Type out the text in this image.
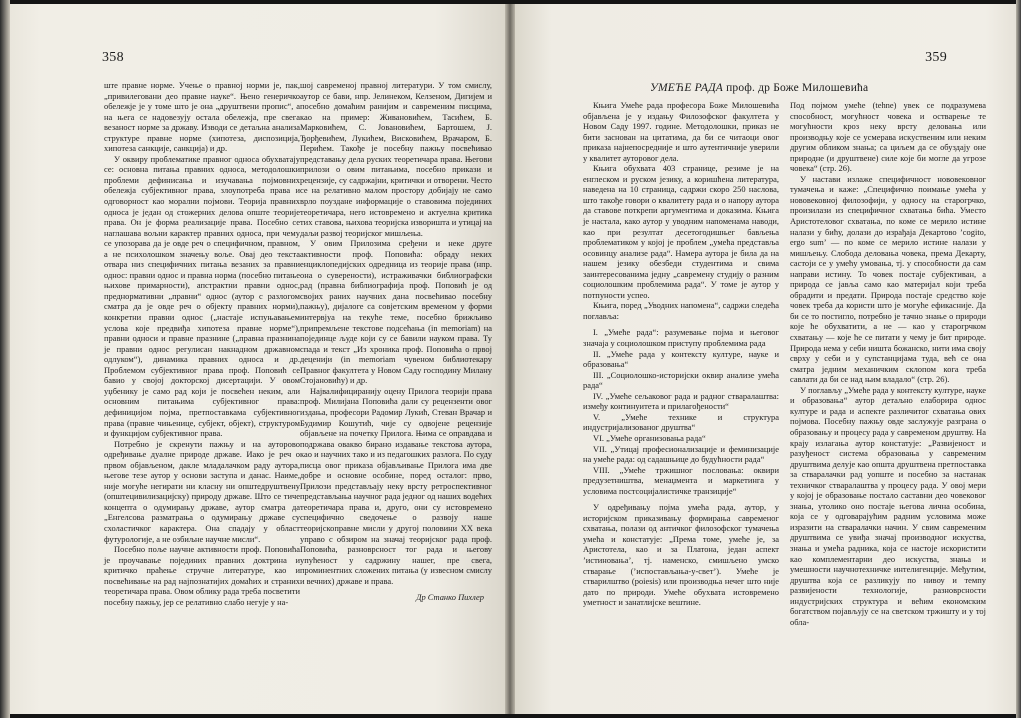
358	359

ште правне норме. Учење о правној норми је, пак, „привилеговани део правне науке“. Њено генеричко обележје је у томе што је она „друштвени пропис“, а на њега се надовезују остала обележја, пре свега везаност норме за државу. Изводи се детаљна анализа структуре правне норме (хипотеза, диспозиција, хипотеза санкције, санкција) и др.

У оквиру проблематике правног односа обухватају се: основна питања правних односа, методолошки проблеми дефинисања и изучавања појмовних обележја субјективног права, злоупотреба права и одговорност као морални појмови. Теорија правних односа је један од стожерних делова опште теорије права. Он је форма реализације права. Посебно се наглашава вољни карактер правних односа, при чему се упозорава да је овде реч о специфичном, правном, а не психолошком значењу воље. Овај део текста отвара низ специфичних питања везаних за правни однос: правни однос и правна норма (посебно питање њихове примарности), апстрактни правни однос, преднормативни „правни“ однос (аутор с разлогом сматра да је овде реч о објекту правних норми), конкретни правни однос („настаје испуњавањем услова које предвиђа хипотеза правне норме“), правни односи и правне празнине („правна празнина је правни однос регулисан накнадном државном одлуком“), динамика правних односа и др. Проблемом субјективног права проф. Поповић се бавио у својој докторској дисертацији. У овом уџбенику је само рад који је посвећен неким, али основним питањима субјективног права: дефиницијом појма, претпоставкама субјективног права (правне чињенице, субјект, објект), структуром и функцијом субјективног права.

Потребно је скренути пажњу и на ауторово одређивање дуалне природе државе. Иако је реч о првом објављеном, дакле младалачком раду аутора, његове тезе аутор у основи заступа и данас. Наиме, није могуће негирати ни класну ни општедруштвену (општецивилизацијску) природу државе. Што се тиче концепта о одумирању државе, аутор сматра да „Енгелсова разматрања о одумирању државе су схоластичког карактера. Она спадају у област футурологије, а не озбиљне научне мисли“.

Посебно поље научне активности проф. Поповића је проучавање појединих правних доктрина и критичко праћење стручне литературе, као и посвећивање на рад најпознатијих домаћих и страних теоретичара права. Овом облику рада треба посветити посебну пажњу, јер се релативно слабо негује у на-

шој савременој правној литератури. У том смислу, аутор се бави, нпр. Јелинеком, Келзеном, Дигијем и посебно домаћим ранијим и савременим писцима, као на пример: Живановићем, Тасићем, Б. Марковићем, С. Јовановићем, Бартошем, Ј. Ђорђевићем, Лукићем, Висковићем, Врачаром, Б. Перићем. Такође је посебну пажњу посвећивао представању дела руских теоретичара права. Његови прилози о овим питањима, посебно прикази и рецензије, су садржајни, критички и отворени. Често се на релативно малом простору добијају не само врло поуздане информације о ставовима појединих теоретичара, него истовремено и актуелна критика тих ставова, њихова теоријска изворишта и утицај на даљи развој теоријског мишљења.

У овим Прилозима сређени и неке друге активности проф. Поповића: обраду неких енциклопедијских одредница из теорије права (нпр. она о суверености), истраживачки библиографски рад (правна библиографија проф. Поповић је од својих раних научних дана посвећивао посебну пажњу), дијалоге са совјетским временом у форми интервјуа на текуће теме, посебно брижљиво припремљене текстове подсећања (in memoriam) на појединце људе који су се бавили науком права. Ту спада и текст „Из хроника проф. Поповића о првој деценији (in memoriam чувеном библиотекару Правног факултета у Новом Саду господину Милану Стојановићу) и др.

Највалифициранију оцену Прилога теорији права проф. Милијана Поповића дали су рецензенти овог издања, професори Радомир Лукић, Стеван Врачар и Будимир Кошутић, чије су одвојене рецензије објављене на почетку Прилога. Њима се оправдава и подржава овакво бирано издавање текстова аутора, као и научних тако и из педагошких разлога. По суду писца овог приказа објављивање Прилога има две добре и основне особине, поред осталог: прво, Прилози представљају неку врсту ретроспективног представљања научног рада једног од наших водећих теоретичара права и, друго, они су истовремено специфично сведочење о развоју наше теоријскоправне мисли у другој половини XX века управо с обзиром на значај теоријског рада проф. Поповића, разноврсност тог рада и његову упућеност у садржину нашег, пре свега, проминентних сложених питања (у извесном смислу и вечних) државе и права.

Др Станко Пихлер
УМЕЋЕ РАДА проф. др Боже Милошевића

Књига Умеће рада професора Боже Милошевића објављена је у издању Филозофског факултета у Новом Саду 1997. године. Методолошки, приказ не бити заснован на цитатима, да би се читаоци овог приказа најнепосредније и што аутентичније уверили у квалитет ауторовог дела.

Књига обухвата 403 странице, резиме је на енглеском и руском језику, а коришћена литература, наведена на 10 страница, садржи скоро 250 наслова, што такође говори о квалитету рада и о напору аутора да ставове поткрепи аргументима и доказима. Књига је настала, како аутор у уводним напоменама наводи, као при резултат десетогодишњег бављења проблематиком у којој је проблем „умећа представља осовинцу анализе рада“. Намера аутора је била да на нашем језику обезбеди студентима и свима заинтересованима једну „савремену студију о разним социолошким проблемима рада“. У томе је аутор у потпуности успео.

Књига, поред „Уводних напомена“, садржи следећа поглавља:

I. „Умеће рада“: разумевање појма и његовог значаја у социолошком приступу проблемима рада

II. „Умеће рада у контексту културе, науке и образовања“

III. „Социолошко-историјски оквир анализе умећа рада“

IV. „Умеће сељаковог рада и радног стваралаштва: између континуитета и прилагођености“

V. „Умеће технике и структура индустријализованог друштва“

VI. „Умеће организовања рада“

VII. „Утицај професионализације и феминизације на умеће рада: од садашњице до будућности рада“

VIII. „Умеће тржишног пословања: оквири предузетништва, менаџмента и маркетинга у условима постсоцијалистичке транзиције“

У одређивању појма умећа рада, аутор, у историјском приказивању формирања савременог схватања, полази од античког филозофског тумачења умећа и констатује: „Према томе, умеће је, за Аристотела, као и за Платона, један аспект ’истиновања’, тј. наменско, смишљено умско стварање (’испостављања-у-свет’). Умеће је стварилштво (poiesis) или производња нечег што није дато по природи. Умеће обухвата истовремено уметност и занатлијске вештине.

Под појмом умеће (tehne) увек се подразумева способност, могућност човека и остварење те могућности кроз неку врсту деловања или производњу које се усмерава искуственим или неким другим обликом знања; са циљем да се обуздају оне природне (и друштвене) силе које би могле да угрозе човека“ (стр. 26).

У настави излаже специфичност нововековног тумачења и каже: „Специфично поимање умећа у нововековној филозофији, у односу на старогрчко, произилази из специфичног схватања бића. Уместо Аристотеловог схватања, по коме се мерило истине налази у бићу, долази до израђаја Декартово ’cogito, ergo sum’ — по коме се мерило истине налази у мишљењу. Слобода деловања човека, према Декарту, састоји се у умећу умовања, тј. у способности да сам направи истину. То човек постаје субјективан, а природа се јавља само као материјал који треба обрадити и предати. Природа постаје средство које човек треба да користи што је могуће ефикасније. Да би се то постигло, потребно је тачно знање о природи које ће обухватити, а не — као у старогрчком схватању — које ће се питати у чему је бит природе. Природа нема у себи ништа божанско, нити има своју сврху у себи и у супстанцијама туда, већ се она сматра једним механичким склопом кога треба савлати да би се над њим владало“ (стр. 26).

У поглављу „Умеће рада у контексту културе, науке и образовања“ аутор детаљно елаборира однос културе и рада и аспекте различитог схватања ових појмова. Посебну пажњу овде заслужује разграна о образовању и процесу рада у савременом друштву. На крају излагања аутор констатује: „Развијеност и разуђеност система образовања у савременим друштвима делује као општа друштвена претпоставка за стваралачки рад уопште и посебно за настанак техничког стваралаштва у процесу рада. У овој мери у којој је образовање постало саставни део човековог знања, утолико оно постаје његова лична особина, која се у одговарајућим радним условима може изразити на стваралачки начин. У свим савременим друштвима се увиђа значај производног искуства, знања и умећа радника, која се настоје искористити као комплементарни део искуства, знања и умешности научнотехничке интелигенције. Међутим, друштва која се разликују по нивоу и темпу развијености технологије, разноврсности индустријских структура и већим економским богатством појављују се на светском тржишту и у тој обла-
